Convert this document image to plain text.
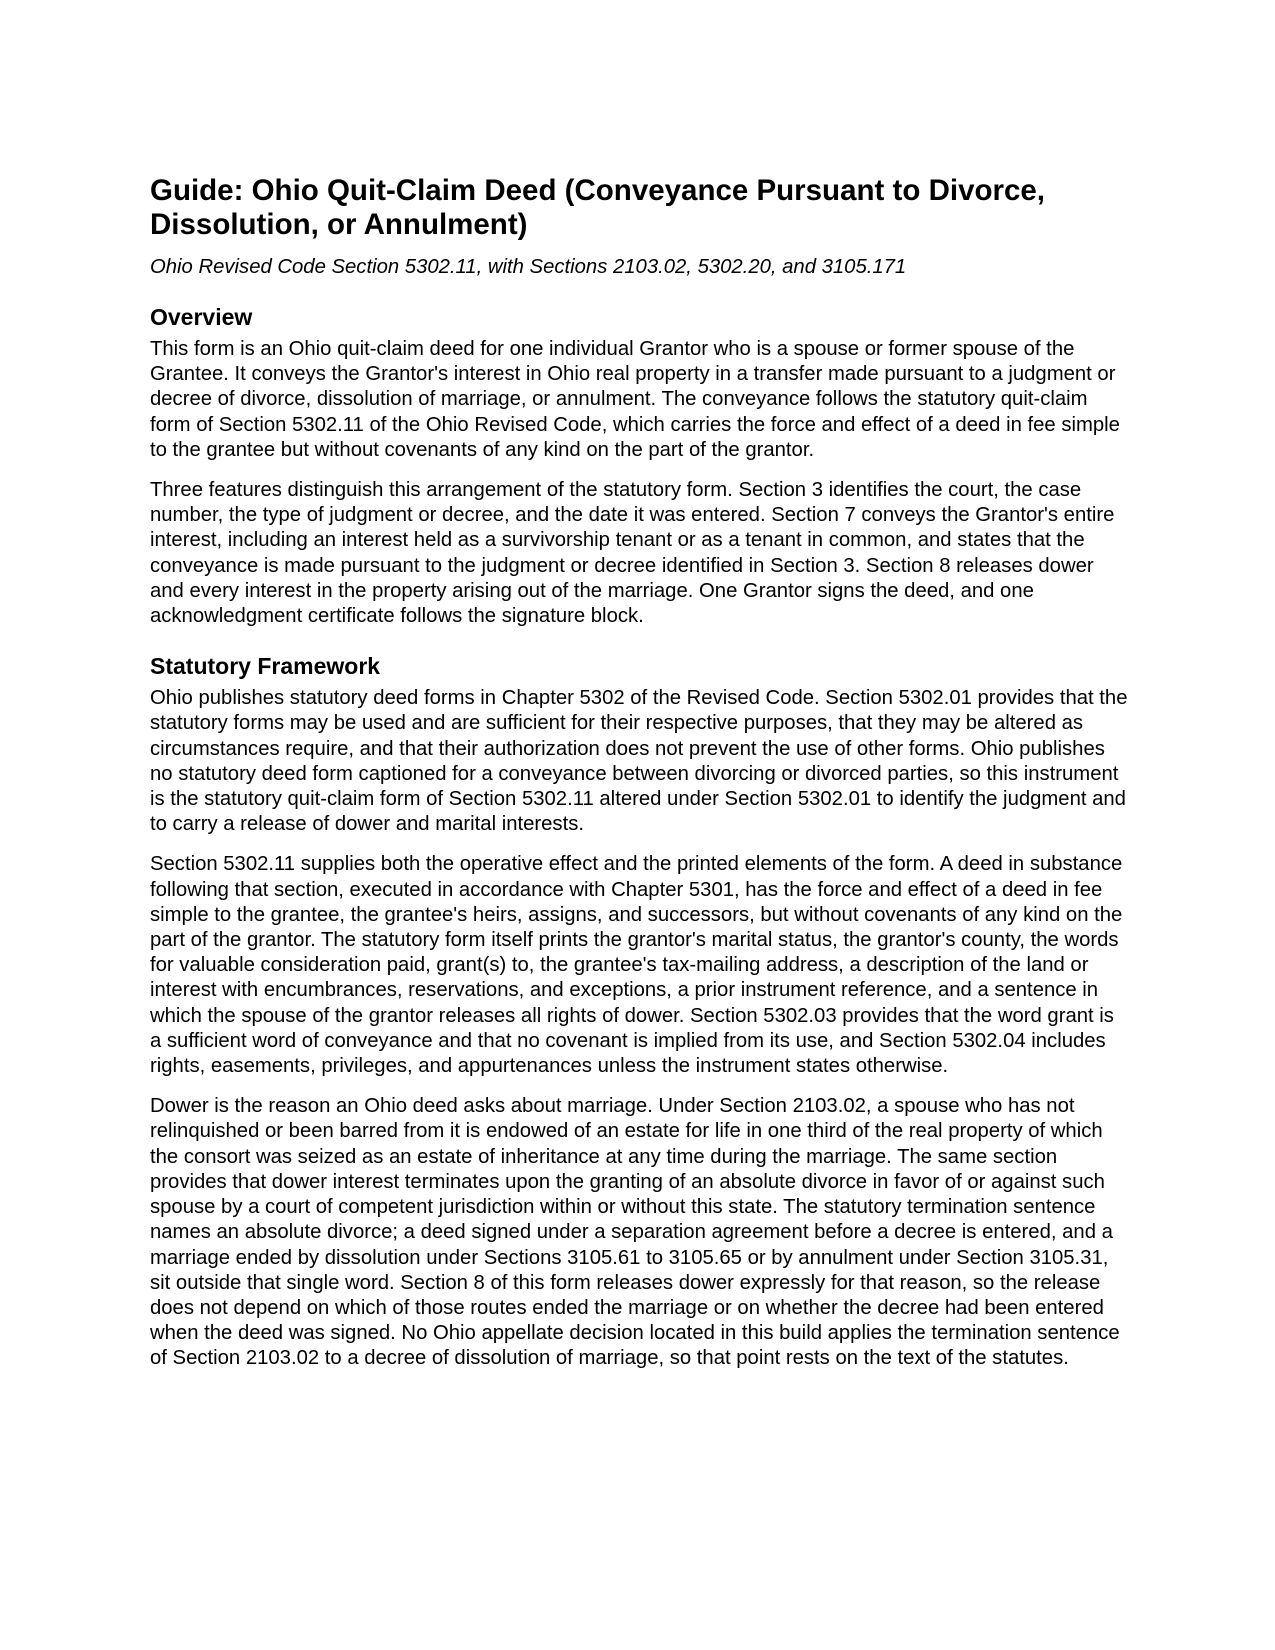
Guide: Ohio Quit-Claim Deed (Conveyance Pursuant to Divorce, Dissolution, or Annulment)

Ohio Revised Code Section 5302.11, with Sections 2103.02, 5302.20, and 3105.171

Overview

This form is an Ohio quit-claim deed for one individual Grantor who is a spouse or former spouse of the Grantee. It conveys the Grantor's interest in Ohio real property in a transfer made pursuant to a judgment or decree of divorce, dissolution of marriage, or annulment. The conveyance follows the statutory quit-claim form of Section 5302.11 of the Ohio Revised Code, which carries the force and effect of a deed in fee simple to the grantee but without covenants of any kind on the part of the grantor.

Three features distinguish this arrangement of the statutory form. Section 3 identifies the court, the case number, the type of judgment or decree, and the date it was entered. Section 7 conveys the Grantor's entire interest, including an interest held as a survivorship tenant or as a tenant in common, and states that the conveyance is made pursuant to the judgment or decree identified in Section 3. Section 8 releases dower and every interest in the property arising out of the marriage. One Grantor signs the deed, and one acknowledgment certificate follows the signature block.

Statutory Framework

Ohio publishes statutory deed forms in Chapter 5302 of the Revised Code. Section 5302.01 provides that the statutory forms may be used and are sufficient for their respective purposes, that they may be altered as circumstances require, and that their authorization does not prevent the use of other forms. Ohio publishes no statutory deed form captioned for a conveyance between divorcing or divorced parties, so this instrument is the statutory quit-claim form of Section 5302.11 altered under Section 5302.01 to identify the judgment and to carry a release of dower and marital interests.

Section 5302.11 supplies both the operative effect and the printed elements of the form. A deed in substance following that section, executed in accordance with Chapter 5301, has the force and effect of a deed in fee simple to the grantee, the grantee's heirs, assigns, and successors, but without covenants of any kind on the part of the grantor. The statutory form itself prints the grantor's marital status, the grantor's county, the words for valuable consideration paid, grant(s) to, the grantee's tax-mailing address, a description of the land or interest with encumbrances, reservations, and exceptions, a prior instrument reference, and a sentence in which the spouse of the grantor releases all rights of dower. Section 5302.03 provides that the word grant is a sufficient word of conveyance and that no covenant is implied from its use, and Section 5302.04 includes rights, easements, privileges, and appurtenances unless the instrument states otherwise.

Dower is the reason an Ohio deed asks about marriage. Under Section 2103.02, a spouse who has not relinquished or been barred from it is endowed of an estate for life in one third of the real property of which the consort was seized as an estate of inheritance at any time during the marriage. The same section provides that dower interest terminates upon the granting of an absolute divorce in favor of or against such spouse by a court of competent jurisdiction within or without this state. The statutory termination sentence names an absolute divorce; a deed signed under a separation agreement before a decree is entered, and a marriage ended by dissolution under Sections 3105.61 to 3105.65 or by annulment under Section 3105.31, sit outside that single word. Section 8 of this form releases dower expressly for that reason, so the release does not depend on which of those routes ended the marriage or on whether the decree had been entered when the deed was signed. No Ohio appellate decision located in this build applies the termination sentence of Section 2103.02 to a decree of dissolution of marriage, so that point rests on the text of the statutes.
